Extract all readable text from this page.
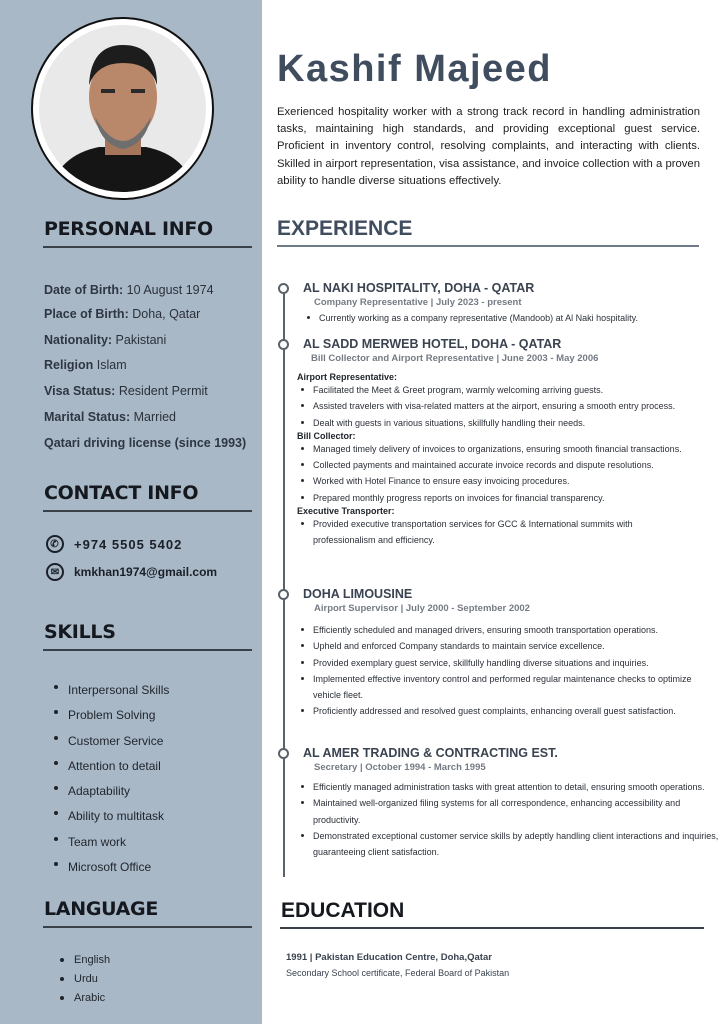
PERSONAL INFO
Date of Birth: 10 August 1974
Place of Birth: Doha, Qatar
Nationality: Pakistani
Religion Islam
Visa Status: Resident Permit
Marital Status: Married
Qatari driving license (since 1993)
CONTACT INFO
✆	+974 5505 5402
✉	kmkhan1974@gmail.com
SKILLS
Interpersonal Skills
Problem Solving
Customer Service
Attention to detail
Adaptability
Ability to multitask
Team work
Microsoft Office
LANGUAGE
English
Urdu
Arabic
Kashif Majeed
Exerienced hospitality worker with a strong track record in handling administration tasks, maintaining high standards, and providing exceptional guest service. Proficient in inventory control, resolving complaints, and interacting with clients. Skilled in airport representation, visa assistance, and invoice collection with a proven ability to handle diverse situations effectively.
EXPERIENCE
AL NAKI HOSPITALITY, DOHA - QATAR
Company Representative | July 2023 - present
Currently working as a company representative (Mandoob) at Al Naki hospitality.
AL SADD MERWEB HOTEL, DOHA - QATAR
Bill Collector and Airport Representative | June 2003 - May 2006
Airport Representative:
Facilitated the Meet & Greet program, warmly welcoming arriving guests.
Assisted travelers with visa-related matters at the airport, ensuring a smooth entry process.
Dealt with guests in various situations, skillfully handling their needs.
Bill Collector:
Managed timely delivery of invoices to organizations, ensuring smooth financial transactions.
Collected payments and maintained accurate invoice records and dispute resolutions.
Worked with Hotel Finance to ensure easy invoicing procedures.
Prepared monthly progress reports on invoices for financial transparency.
Executive Transporter:
Provided executive transportation services for GCC & International summits with professionalism and efficiency.
DOHA LIMOUSINE
Airport Supervisor | July 2000 - September 2002
Efficiently scheduled and managed drivers, ensuring smooth transportation operations.
Upheld and enforced Company standards to maintain service excellence.
Provided exemplary guest service, skillfully handling diverse situations and inquiries.
Implemented effective inventory control and performed regular maintenance checks to optimize vehicle fleet.
Proficiently addressed and resolved guest complaints, enhancing overall guest satisfaction.
AL AMER TRADING & CONTRACTING EST.
Secretary | October 1994 - March 1995
Efficiently managed administration tasks with great attention to detail, ensuring smooth operations.
Maintained well-organized filing systems for all correspondence, enhancing accessibility and productivity.
Demonstrated exceptional customer service skills by adeptly handling client interactions and inquiries, guaranteeing client satisfaction.
EDUCATION
1991 | Pakistan Education Centre, Doha,Qatar
Secondary School certificate, Federal Board of Pakistan
